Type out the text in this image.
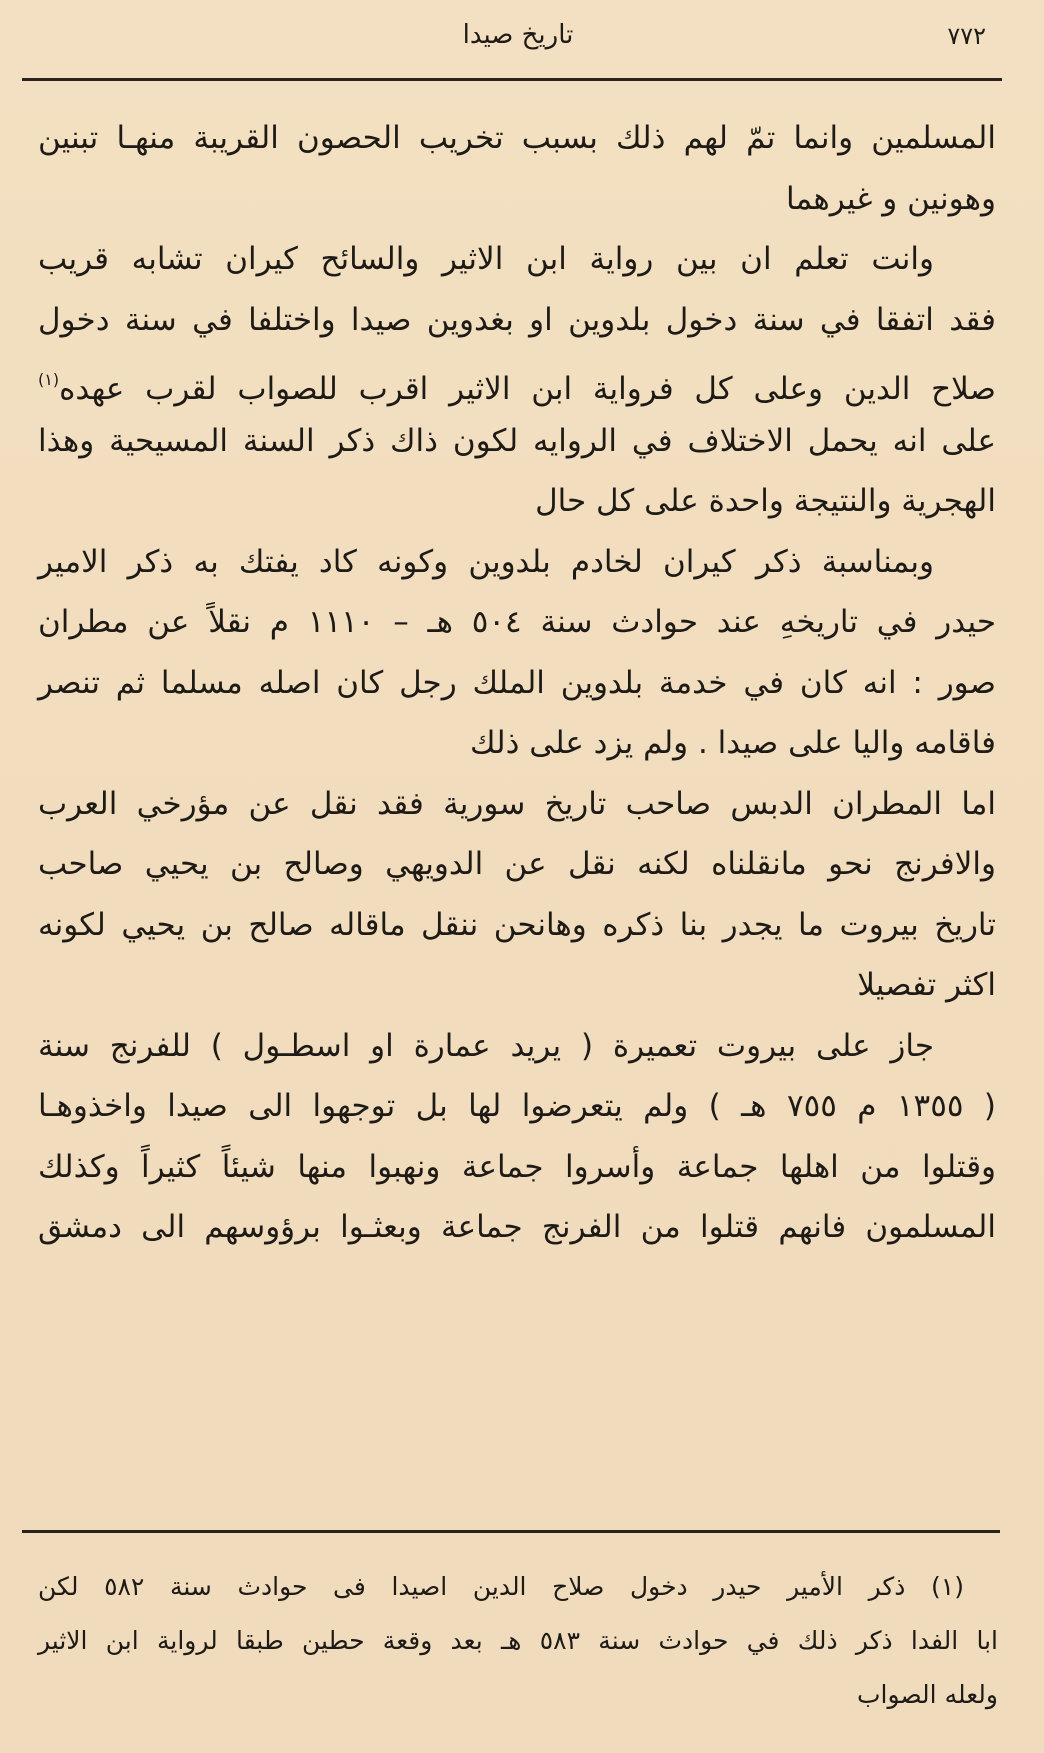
٧٧٢
تاريخ صيدا
المسلمين وانما تمّ لهم ذلك بسبب تخريب الحصون القريبة منهـا تبنين
وهونين و غيرهما
وانت تعلم ان بين رواية ابن الاثير والسائح كيران تشابه قريب
فقد اتفقا في سنة دخول بلدوين او بغدوين صيدا واختلفا في سنة دخول
صلاح الدين وعلى كل فرواية ابن الاثير اقرب للصواب لقرب عهده$^{(١)}$
على انه يحمل الاختلاف في الروايه لكون ذاك ذكر السنة المسيحية وهذا
الهجرية والنتيجة واحدة على كل حال
وبمناسبة ذكر كيران لخادم بلدوين وكونه كاد يفتك به ذكر الامير
حيدر في تاريخهِ عند حوادث سنة ٥٠٤ هـ – ١١١٠ م نقلاً عن مطران
صور : انه كان في خدمة بلدوين الملك رجل كان اصله مسلما ثم تنصر
فاقامه واليا على صيدا . ولم يزد على ذلك
اما المطران الدبس صاحب تاريخ سورية فقد نقل عن مؤرخي العرب
والافرنج نحو مانقلناه لكنه نقل عن الدويهي وصالح بن يحيي صاحب
تاريخ بيروت ما يجدر بنا ذكره وهانحن ننقل ماقاله صالح بن يحيي لكونه
اكثر تفصيلا
جاز على بيروت تعميرة ( يريد عمارة او اسطـول ) للفرنج سنة
( ١٣٥٥ م ٧٥٥ هـ ) ولم يتعرضوا لها بل توجهوا الى صيدا واخذوهـا
وقتلوا من اهلها جماعة وأسروا جماعة ونهبوا منها شيئاً كثيراً وكذلك
المسلمون فانهم قتلوا من الفرنج جماعة وبعثـوا برؤوسهم الى دمشق
(١) ذكر الأمير حيدر دخول صلاح الدين اصيدا فى حوادث سنة ٥٨٢ لكن
ابا الفدا ذكر ذلك في حوادث سنة ٥٨٣ هـ بعد وقعة حطين طبقا لرواية ابن الاثير
ولعله الصواب
